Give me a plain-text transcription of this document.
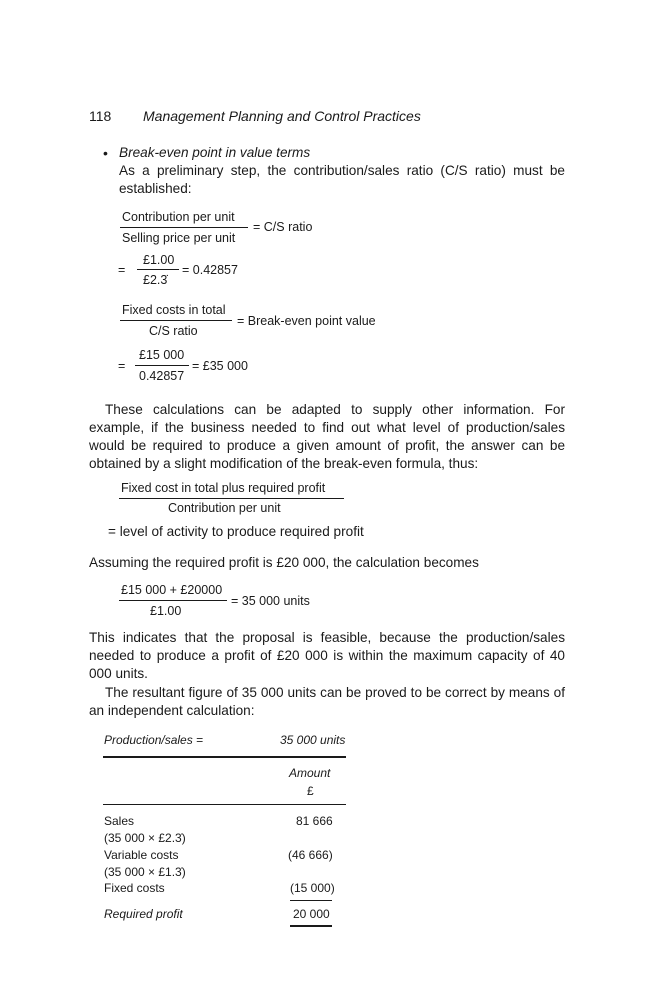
118 Management Planning and Control Practices
• Break-even point in value terms
As a preliminary step, the contribution/sales ratio (C/S ratio) must be
established:
Contribution per unit
Selling price per unit
= C/S ratio
=
£1.00
£2.3̇
= 0.42857
Fixed costs in total
C/S ratio
= Break-even point value
=
£15 000
0.42857
= £35 000
These calculations can be adapted to supply other information. For example, if the business needed to find out what level of production/sales would be required to produce a given amount of profit, the answer can be obtained by a slight modification of the break-even formula, thus:
Fixed cost in total plus required profit
Contribution per unit
= level of activity to produce required profit
Assuming the required profit is £20 000, the calculation becomes
£15 000 + £20000
£1.00
= 35 000 units
This indicates that the proposal is feasible, because the production/sales needed to produce a profit of £20 000 is within the maximum capacity of 40 000 units.
The resultant figure of 35 000 units can be proved to be correct by means of an independent calculation:
Production/sales =	35 000 units
Amount
£
Sales	81 666
(35 000 × £2.3̇)
Variable costs	(46 666)
(35 000 × £1.3̇)
Fixed costs	(15 000)
Required profit	20 000
